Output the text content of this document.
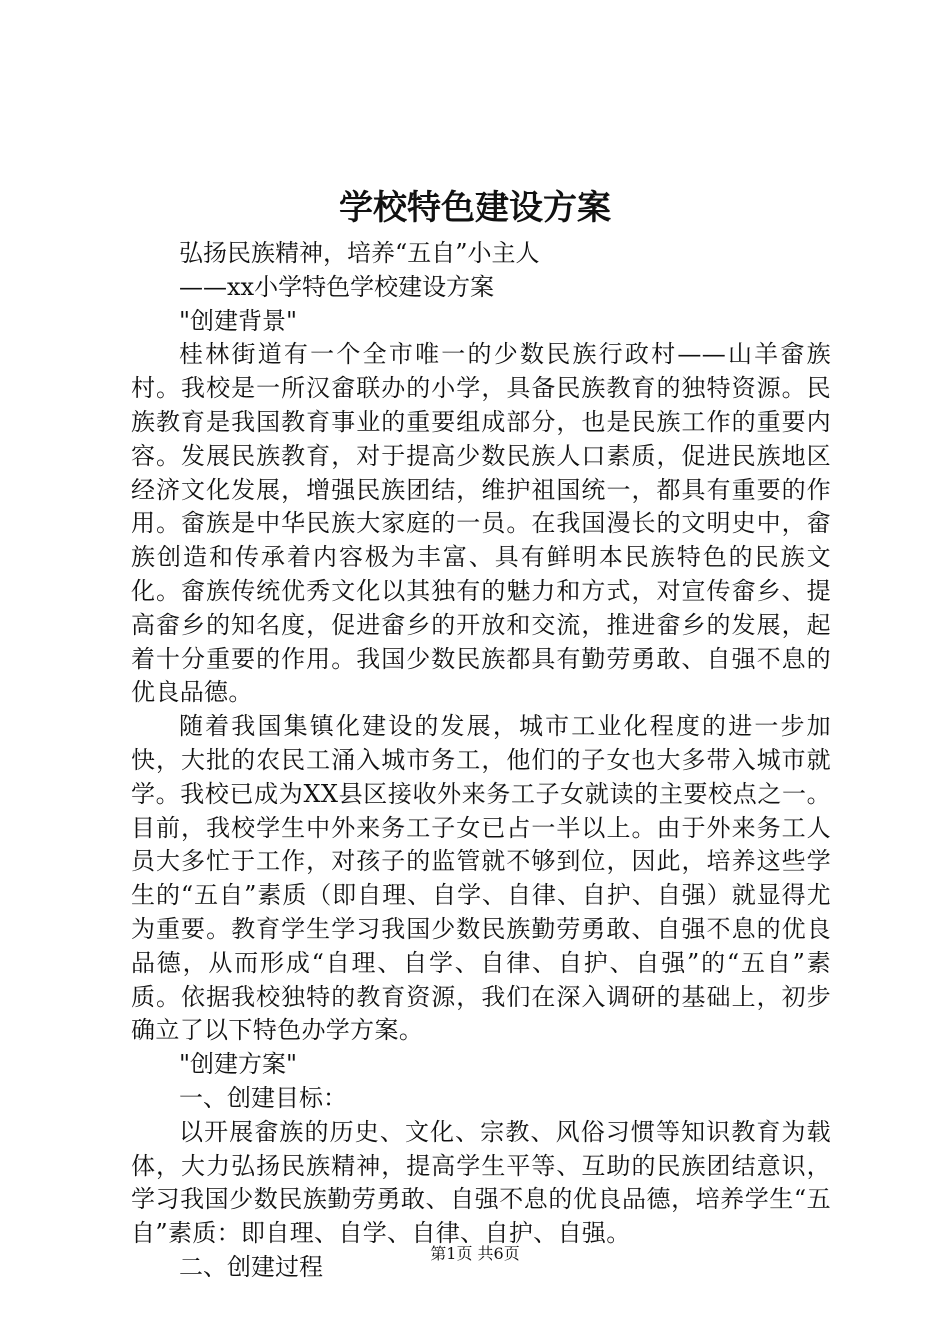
学校特色建设方案

弘扬民族精神，培养“五自”小主人

——xx小学特色学校建设方案

"创建背景"

桂林街道有一个全市唯一的少数民族行政村——山羊畲族村。我校是一所汉畲联办的小学，具备民族教育的独特资源。民族教育是我国教育事业的重要组成部分，也是民族工作的重要内容。发展民族教育，对于提高少数民族人口素质，促进民族地区经济文化发展，增强民族团结，维护祖国统一，都具有重要的作用。畲族是中华民族大家庭的一员。在我国漫长的文明史中，畲族创造和传承着内容极为丰富、具有鲜明本民族特色的民族文化。畲族传统优秀文化以其独有的魅力和方式，对宣传畲乡、提高畲乡的知名度，促进畲乡的开放和交流，推进畲乡的发展，起着十分重要的作用。我国少数民族都具有勤劳勇敢、自强不息的优良品德。

随着我国集镇化建设的发展，城市工业化程度的进一步加快，大批的农民工涌入城市务工，他们的子女也大多带入城市就学。我校已成为XX县区接收外来务工子女就读的主要校点之一。目前，我校学生中外来务工子女已占一半以上。由于外来务工人员大多忙于工作，对孩子的监管就不够到位，因此，培养这些学生的“五自”素质（即自理、自学、自律、自护、自强）就显得尤为重要。教育学生学习我国少数民族勤劳勇敢、自强不息的优良品德，从而形成“自理、自学、自律、自护、自强”的“五自”素质。依据我校独特的教育资源，我们在深入调研的基础上，初步确立了以下特色办学方案。

"创建方案"

一、创建目标：

以开展畲族的历史、文化、宗教、风俗习惯等知识教育为载体，大力弘扬民族精神，提高学生平等、互助的民族团结意识，学习我国少数民族勤劳勇敢、自强不息的优良品德，培养学生“五自”素质：即自理、自学、自律、自护、自强。

二、创建过程	第1页 共6页
